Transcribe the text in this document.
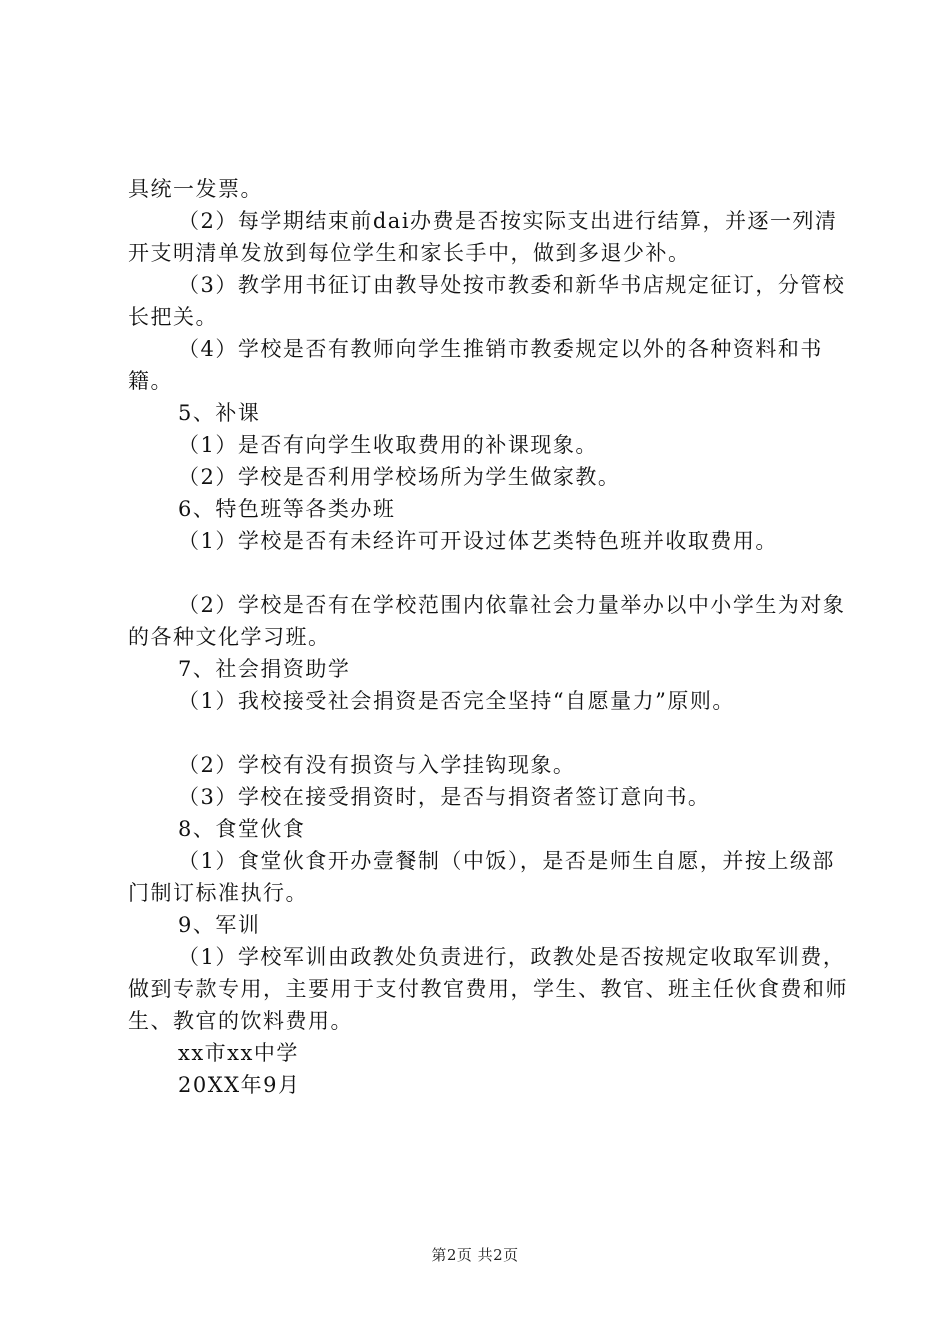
具统一发票。

（2）每学期结束前dai办费是否按实际支出进行结算，并逐一列清开支明清单发放到每位学生和家长手中，做到多退少补。

（3）教学用书征订由教导处按市教委和新华书店规定征订，分管校长把关。

（4）学校是否有教师向学生推销市教委规定以外的各种资料和书籍。

5、补课

（1）是否有向学生收取费用的补课现象。

（2）学校是否利用学校场所为学生做家教。

6、特色班等各类办班

（1）学校是否有未经许可开设过体艺类特色班并收取费用。

（2）学校是否有在学校范围内依靠社会力量举办以中小学生为对象的各种文化学习班。

7、社会捐资助学

（1）我校接受社会捐资是否完全坚持“自愿量力”原则。

（2）学校有没有损资与入学挂钩现象。

（3）学校在接受捐资时，是否与捐资者签订意向书。

8、食堂伙食

（1）食堂伙食开办壹餐制（中饭），是否是师生自愿，并按上级部门制订标准执行。

9、军训

（1）学校军训由政教处负责进行，政教处是否按规定收取军训费，做到专款专用，主要用于支付教官费用，学生、教官、班主任伙食费和师生、教官的饮料费用。

xx市xx中学

20XX年9月

第2页 共2页
